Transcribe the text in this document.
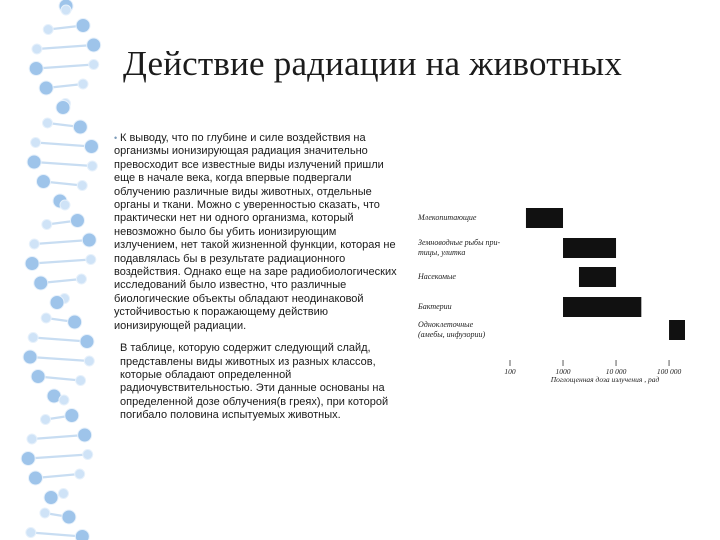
Действие радиации на животных

• К выводу, что по глубине и силе воздействия на организмы ионизирующая радиация значительно превосходит все известные виды излучений пришли еще в начале века, когда впервые подвергали облучению различные виды животных, отдельные органы и ткани. Можно с уверенностью сказать, что практически нет ни одного организма, который невозможно было бы убить ионизирующим излучением, нет такой жизненной функции, которая не подавлялась бы в результате радиационного воздействия. Однако еще на заре радиобиологических исследований было известно, что различные биологические объекты обладают неодинаковой устойчивостью к поражающему действию ионизирующей радиации.

В таблице, которую содержит следующий слайд, представлены виды животных из разных классов, которые обладают определенной радиочувствительностью. Эти данные основаны на определенной дозе облучения(в греях), при которой погибало половина испытуемых животных.

Млекопитающие
Земноводные рыбы при-тицы, улитка
Насекомые
Бактерии
Одноклеточные (амебы, инфузории)
100	1000	10 000	100 000
Поглощенная доза излучения , рад
